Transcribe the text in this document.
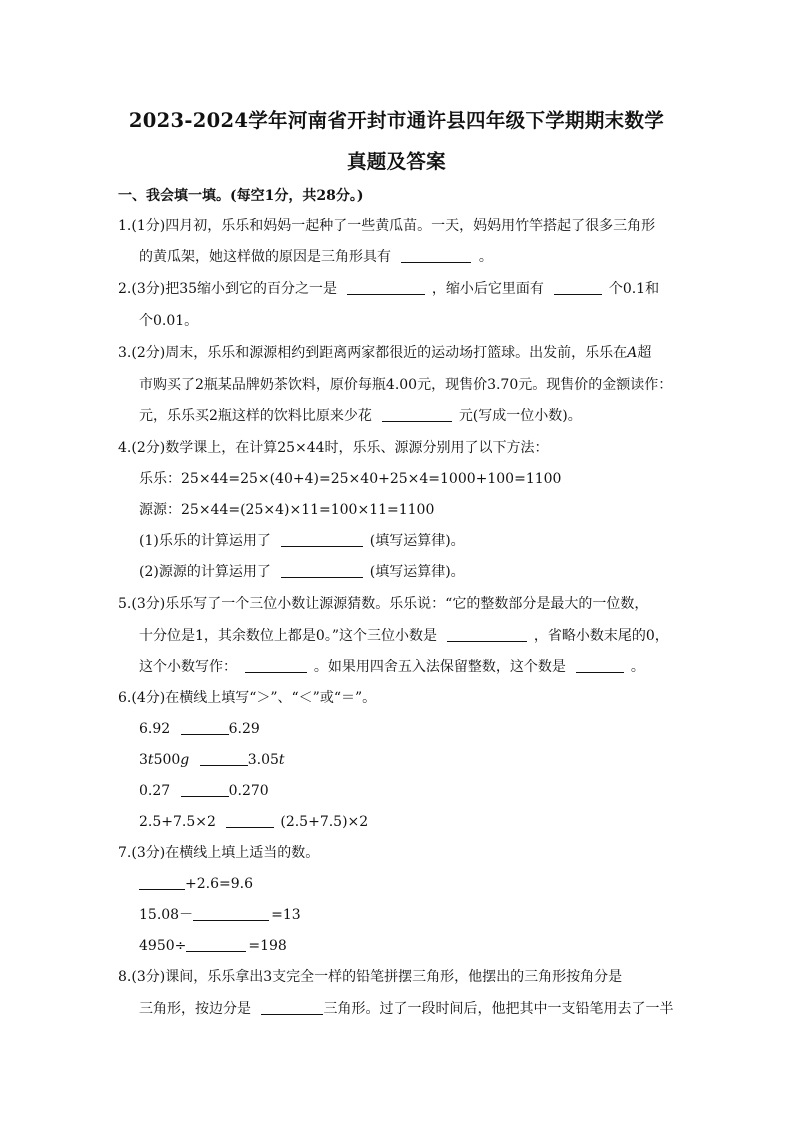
2023-2024学年河南省开封市通许县四年级下学期期末数学
真题及答案
一、我会填一填。(每空1分，共28分。)
1.(1分)四月初，乐乐和妈妈一起种了一些黄瓜苗。一天，妈妈用竹竿搭起了很多三角形
的黄瓜架，她这样做的原因是三角形具有	。
2.(3分)把35缩小到它的百分之一是	，缩小后它里面有	个0.1和
个0.01。
3.(2分)周末，乐乐和源源相约到距离两家都很近的运动场打篮球。出发前，乐乐在A超
市购买了2瓶某品牌奶茶饮料，原价每瓶4.00元，现售价3.70元。现售价的金额读作：
元，乐乐买2瓶这样的饮料比原来少花	元(写成一位小数)。
4.(2分)数学课上，在计算25×44时，乐乐、源源分别用了以下方法：
乐乐：25×44=25×(40+4)=25×40+25×4=1000+100=1100
源源：25×44=(25×4)×11=100×11=1100
(1)乐乐的计算运用了	(填写运算律)。
(2)源源的计算运用了	(填写运算律)。
5.(3分)乐乐写了一个三位小数让源源猜数。乐乐说：“它的整数部分是最大的一位数，
十分位是1，其余数位上都是0。”这个三位小数是	，省略小数末尾的0，
这个小数写作：	。如果用四舍五入法保留整数，这个数是	。
6.(4分)在横线上填写“＞”、“＜”或“＝”。
6.92	6.29
3t500g	3.05t
0.27	0.270
2.5+7.5×2	(2.5+7.5)×2
7.(3分)在横线上填上适当的数。
+2.6=9.6
15.08－	=13
4950÷	=198
8.(3分)课间，乐乐拿出3支完全一样的铅笔拼摆三角形，他摆出的三角形按角分是
三角形，按边分是	三角形。过了一段时间后，他把其中一支铅笔用去了一半
